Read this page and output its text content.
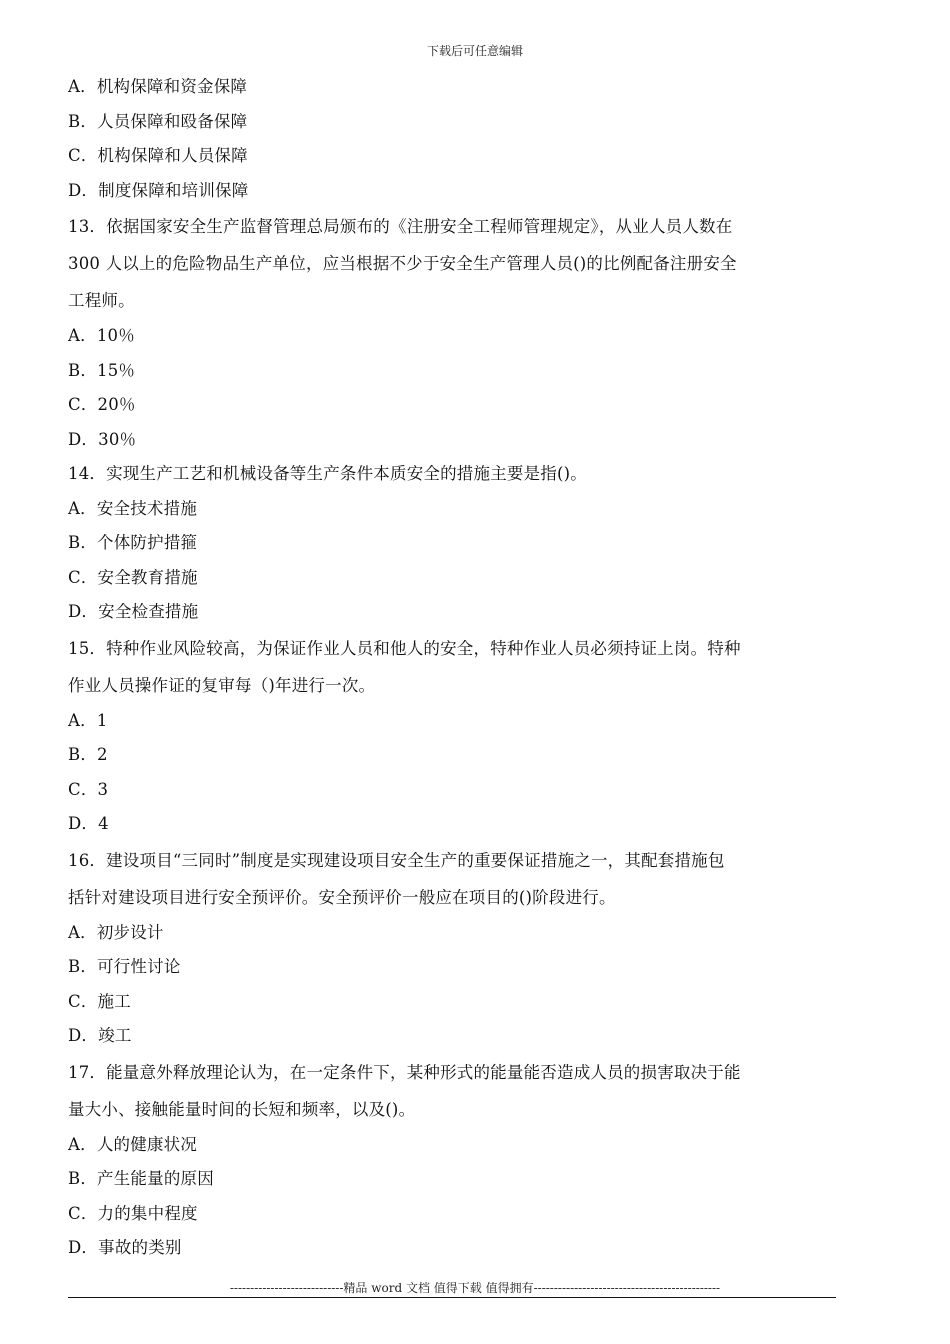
下载后可任意编辑
A．机构保障和资金保障
B．人员保障和殴备保障
C．机构保障和人员保障
D．制度保障和培训保障
13．依据国家安全生产监督管理总局颁布的《注册安全工程师管理规定》，从业人员人数在
300 人以上的危险物品生产单位，应当根据不少于安全生产管理人员()的比例配备注册安全
工程师。
A．10％
B．15％
C．20％
D．30％
14．实现生产工艺和机械设备等生产条件本质安全的措施主要是指()。
A．安全技术措施
B．个体防护措箍
C．安全教育措施
D．安全检查措施
15．特种作业风险较高，为保证作业人员和他人的安全，特种作业人员必须持证上岗。特种
作业人员操作证的复审每（)年进行一次。
A．1
B．2
C．3
D．4
16．建设项目“三同时”制度是实现建设项目安全生产的重要保证措施之一，其配套措施包
括针对建设项目进行安全预评价。安全预评价一般应在项目的()阶段进行。
A．初步设计
B．可行性讨论
C．施工
D．竣工
17．能量意外释放理论认为，在一定条件下，某种形式的能量能否造成人员的损害取决于能
量大小、接触能量时间的长短和频率，以及()。
A．人的健康状况
B．产生能量的原因
C．力的集中程度
D．事故的类别
----------------------------精品 word 文档 值得下载 值得拥有----------------------------------------------
